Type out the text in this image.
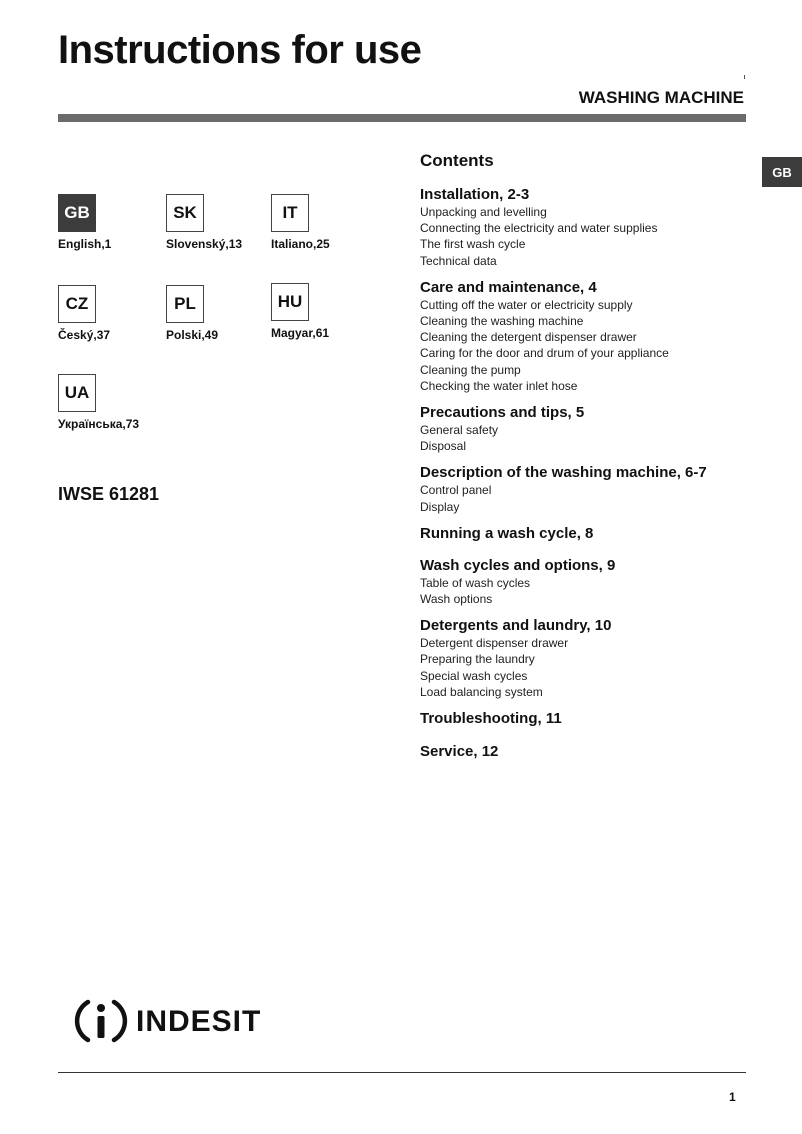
Instructions for use
WASHING MACHINE
GB
GB
English,1
SK
Slovenský,13
IT
Italiano,25
CZ
Český,37
PL
Polski,49
HU
Magyar,61
UA
Українська,73
IWSE 61281
Contents
Installation, 2-3
Unpacking and levelling
Connecting the electricity and water supplies
The first wash cycle
Technical data
Care and maintenance, 4
Cutting off the water or electricity supply
Cleaning the washing machine
Cleaning the detergent dispenser drawer
Caring for the door and drum of your appliance
Cleaning the pump
Checking the water inlet hose
Precautions and tips, 5
General safety
Disposal
Description of the washing machine, 6-7
Control panel
Display
Running a wash cycle, 8
Wash cycles and options, 9
Table of wash cycles
Wash options
Detergents and laundry, 10
Detergent dispenser drawer
Preparing the laundry
Special wash cycles
Load balancing system
Troubleshooting, 11
Service, 12
INDESIT
1
